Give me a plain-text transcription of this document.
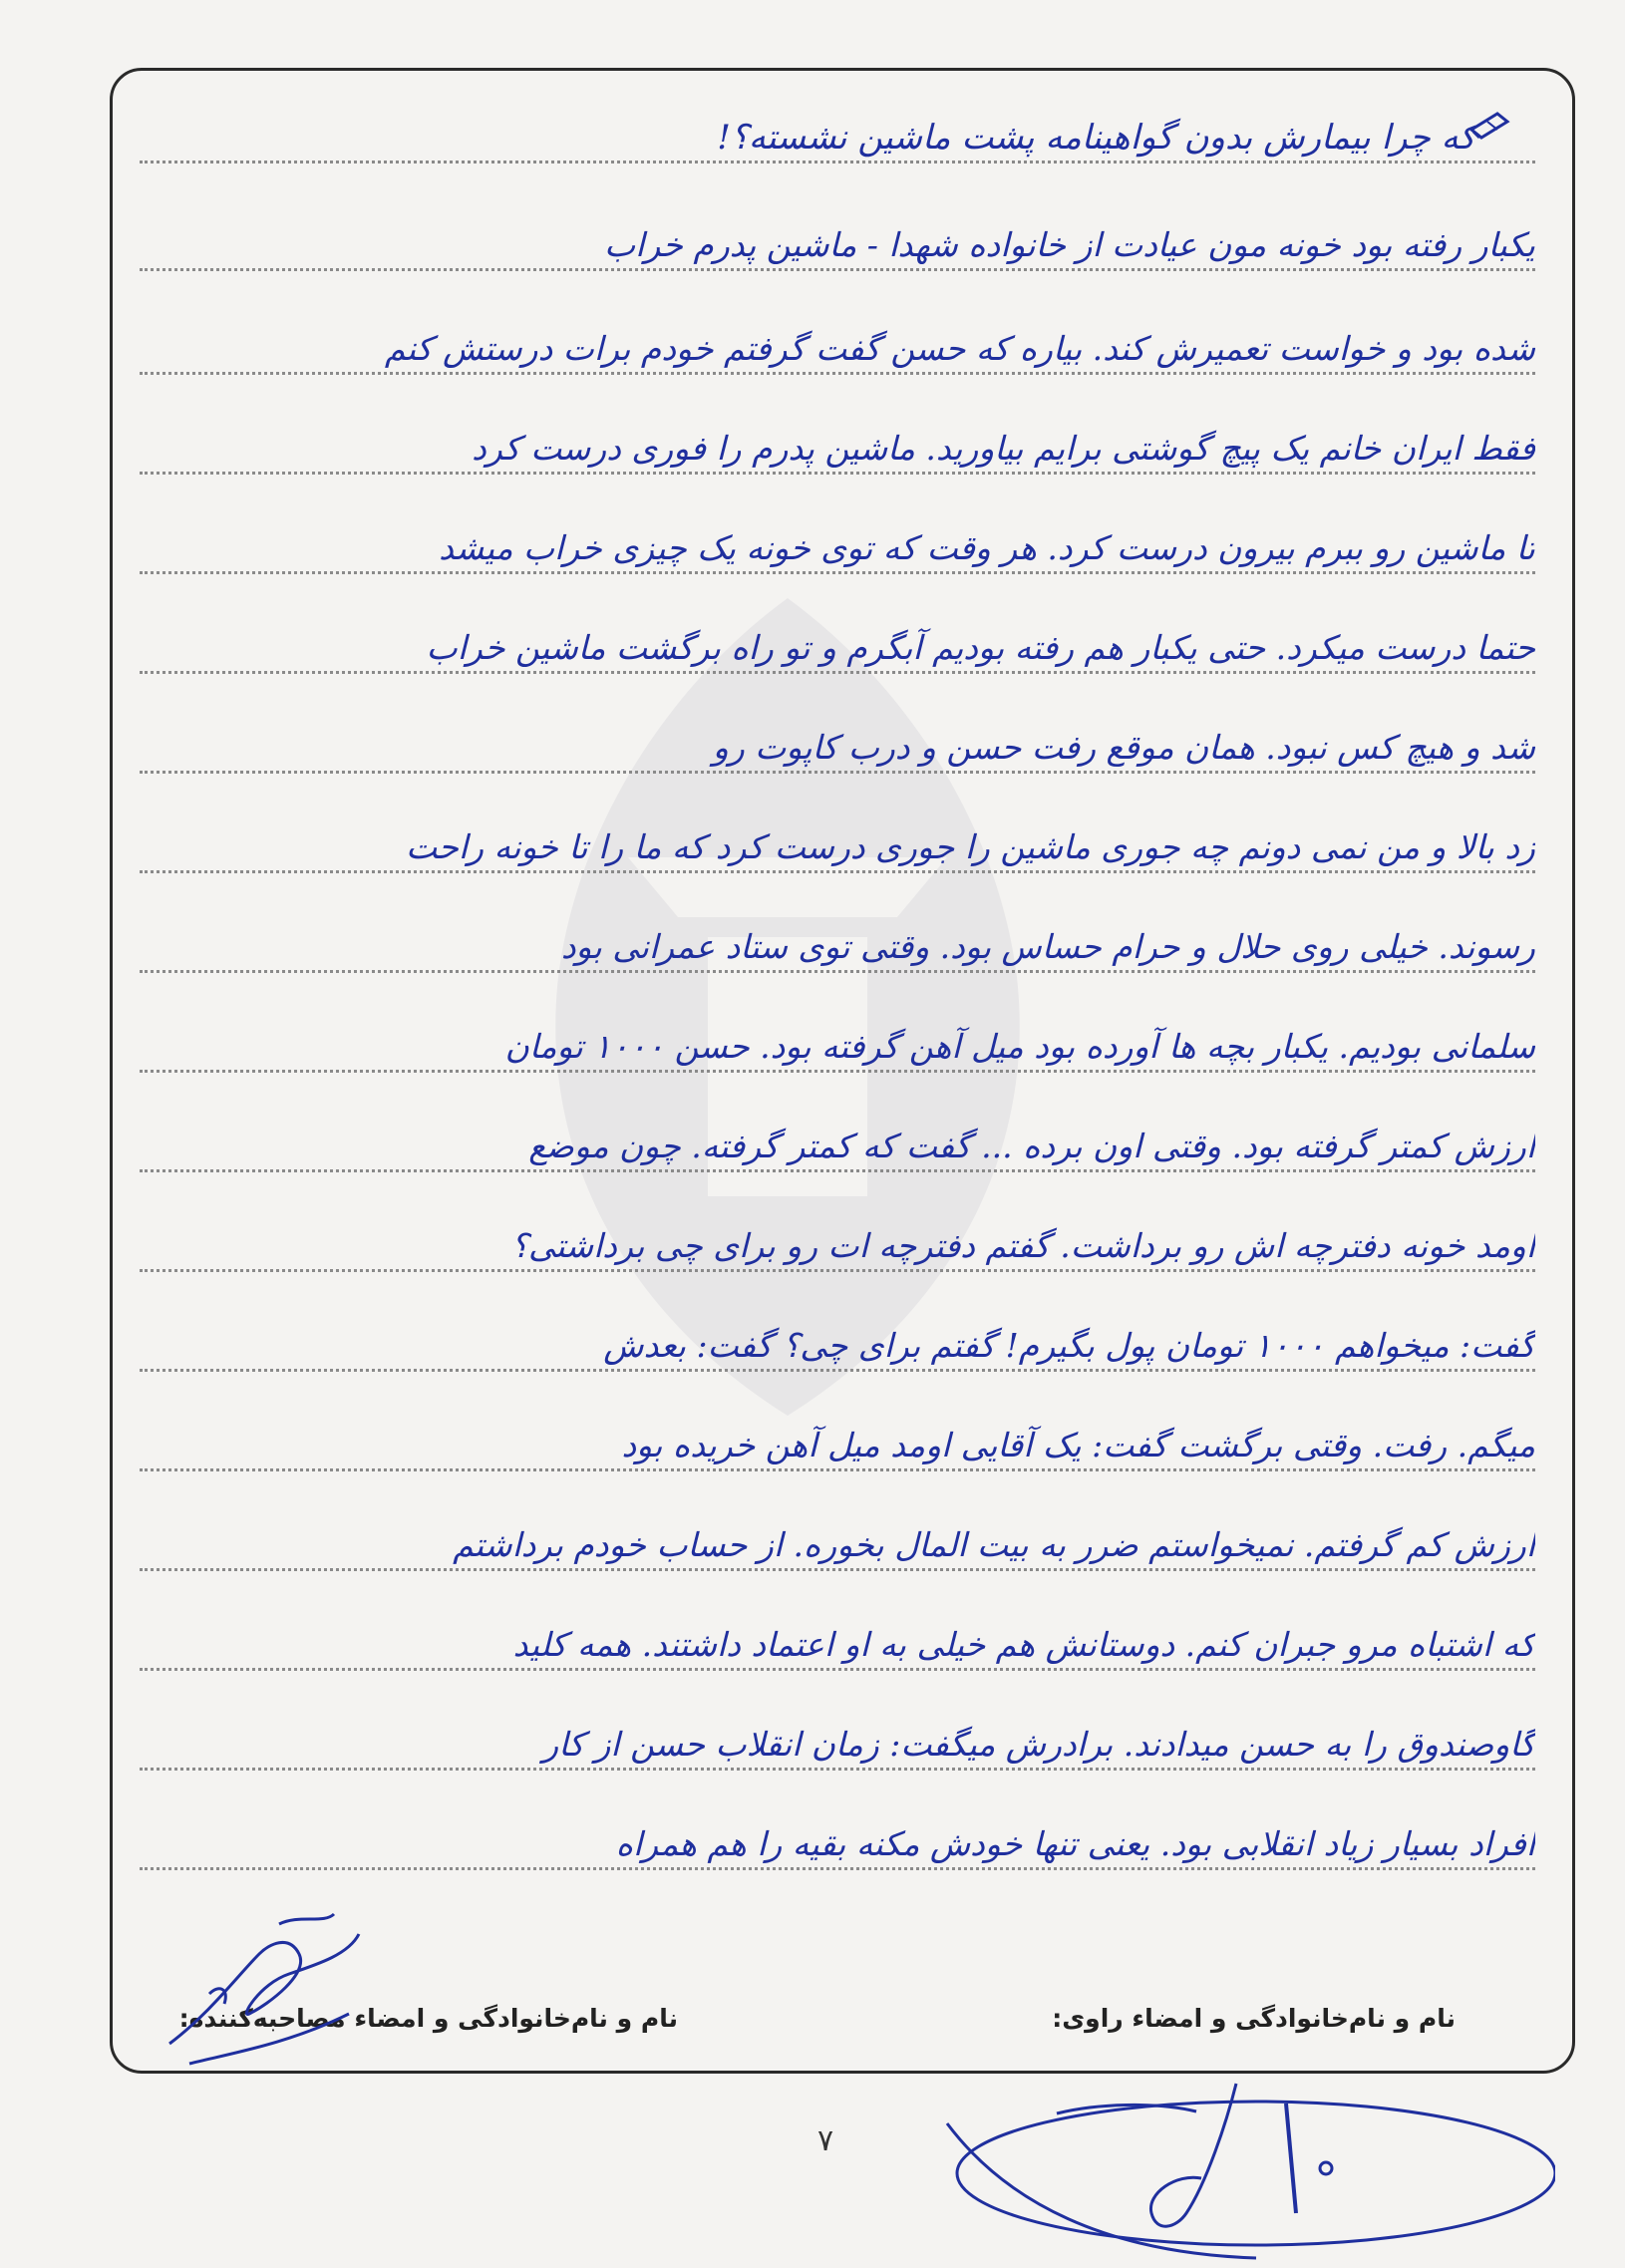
که چرا بیمارش بدون گواهینامه پشت ماشین نشسته؟!
یکبار رفته بود خونه مون عیادت از خانواده شهدا - ماشین پدرم خراب
شده بود و خواست تعمیرش کند. بیاره که حسن گفت گرفتم خودم برات درستش کنم
فقط ایران خانم یک پیچ گوشتی برایم بیاورید. ماشین پدرم را فوری درست کرد
تا ماشین رو ببرم بیرون درست کرد. هر وقت که توی خونه یک چیزی خراب میشد
حتما درست میکرد. حتی یکبار هم رفته بودیم آبگرم و تو راه برگشت ماشین خراب
شد و هیچ کس نبود. همان موقع رفت حسن و درب کاپوت رو
زد بالا و من نمی دونم چه جوری ماشین را جوری درست کرد که ما را تا خونه راحت
رسوند. خیلی روی حلال و حرام حساس بود. وقتی توی ستاد عمرانی بود
سلمانی بودیم. یکبار بچه ها آورده بود میل آهن گرفته بود. حسن ۱۰۰۰ تومان
ارزش کمتر گرفته بود. وقتی اون برده ... گفت که کمتر گرفته. چون موضع
اومد خونه دفترچه اش رو برداشت. گفتم دفترچه ات رو برای چی برداشتی؟
گفت: میخواهم ۱۰۰۰ تومان پول بگیرم! گفتم برای چی؟ گفت: بعدش
میگم. رفت. وقتی برگشت گفت: یک آقایی اومد میل آهن خریده بود
ارزش کم گرفتم. نمیخواستم ضرر به بیت المال بخوره. از حساب خودم برداشتم
که اشتباه مرو جبران کنم. دوستانش هم خیلی به او اعتماد داشتند. همه کلید
گاوصندوق را به حسن میدادند. برادرش میگفت: زمان انقلاب حسن از کار
افراد بسیار زیاد انقلابی بود. یعنی تنها خودش مکنه بقیه را هم همراه
نام و نام‌خانوادگی و امضاء راوی:
نام و نام‌خانوادگی و امضاء مصاحبه‌کننده:
۷
